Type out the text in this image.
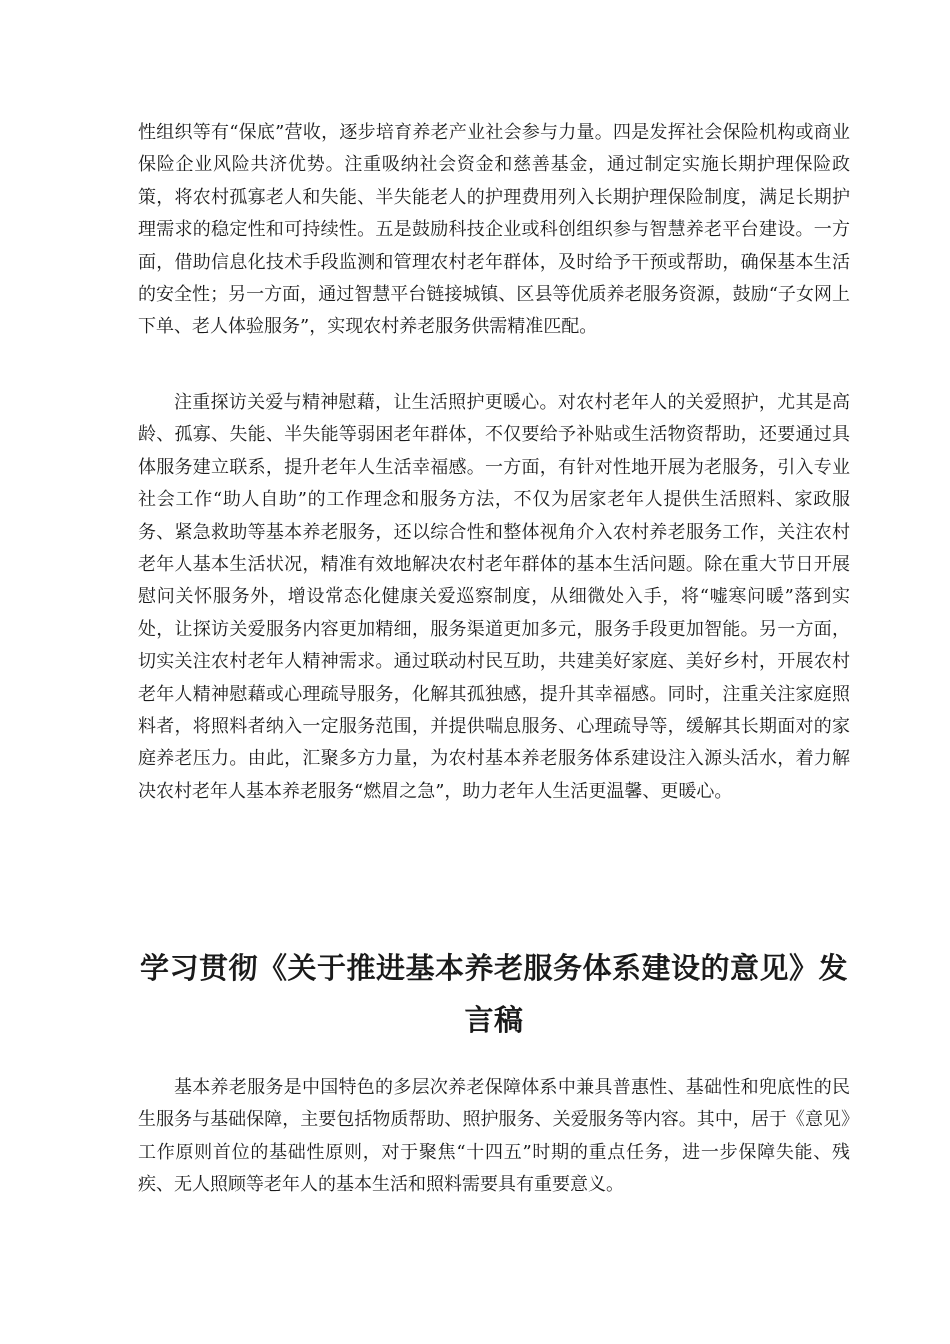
性组织等有“保底”营收，逐步培育养老产业社会参与力量。四是发挥社会保险机构或商业保险企业风险共济优势。注重吸纳社会资金和慈善基金，通过制定实施长期护理保险政策，将农村孤寡老人和失能、半失能老人的护理费用列入长期护理保险制度，满足长期护理需求的稳定性和可持续性。五是鼓励科技企业或科创组织参与智慧养老平台建设。一方面，借助信息化技术手段监测和管理农村老年群体，及时给予干预或帮助，确保基本生活的安全性；另一方面，通过智慧平台链接城镇、区县等优质养老服务资源，鼓励“子女网上下单、老人体验服务”，实现农村养老服务供需精准匹配。

注重探访关爱与精神慰藉，让生活照护更暖心。对农村老年人的关爱照护，尤其是高龄、孤寡、失能、半失能等弱困老年群体，不仅要给予补贴或生活物资帮助，还要通过具体服务建立联系，提升老年人生活幸福感。一方面，有针对性地开展为老服务，引入专业社会工作“助人自助”的工作理念和服务方法，不仅为居家老年人提供生活照料、家政服务、紧急救助等基本养老服务，还以综合性和整体视角介入农村养老服务工作，关注农村老年人基本生活状况，精准有效地解决农村老年群体的基本生活问题。除在重大节日开展慰问关怀服务外，增设常态化健康关爱巡察制度，从细微处入手，将“嘘寒问暖”落到实处，让探访关爱服务内容更加精细，服务渠道更加多元，服务手段更加智能。另一方面，切实关注农村老年人精神需求。通过联动村民互助，共建美好家庭、美好乡村，开展农村老年人精神慰藉或心理疏导服务，化解其孤独感，提升其幸福感。同时，注重关注家庭照料者，将照料者纳入一定服务范围，并提供喘息服务、心理疏导等，缓解其长期面对的家庭养老压力。由此，汇聚多方力量，为农村基本养老服务体系建设注入源头活水，着力解决农村老年人基本养老服务“燃眉之急”，助力老年人生活更温馨、更暖心。

学习贯彻《关于推进基本养老服务体系建设的意见》发言稿

基本养老服务是中国特色的多层次养老保障体系中兼具普惠性、基础性和兜底性的民生服务与基础保障，主要包括物质帮助、照护服务、关爱服务等内容。其中，居于《意见》工作原则首位的基础性原则，对于聚焦“十四五”时期的重点任务，进一步保障失能、残疾、无人照顾等老年人的基本生活和照料需要具有重要意义。
